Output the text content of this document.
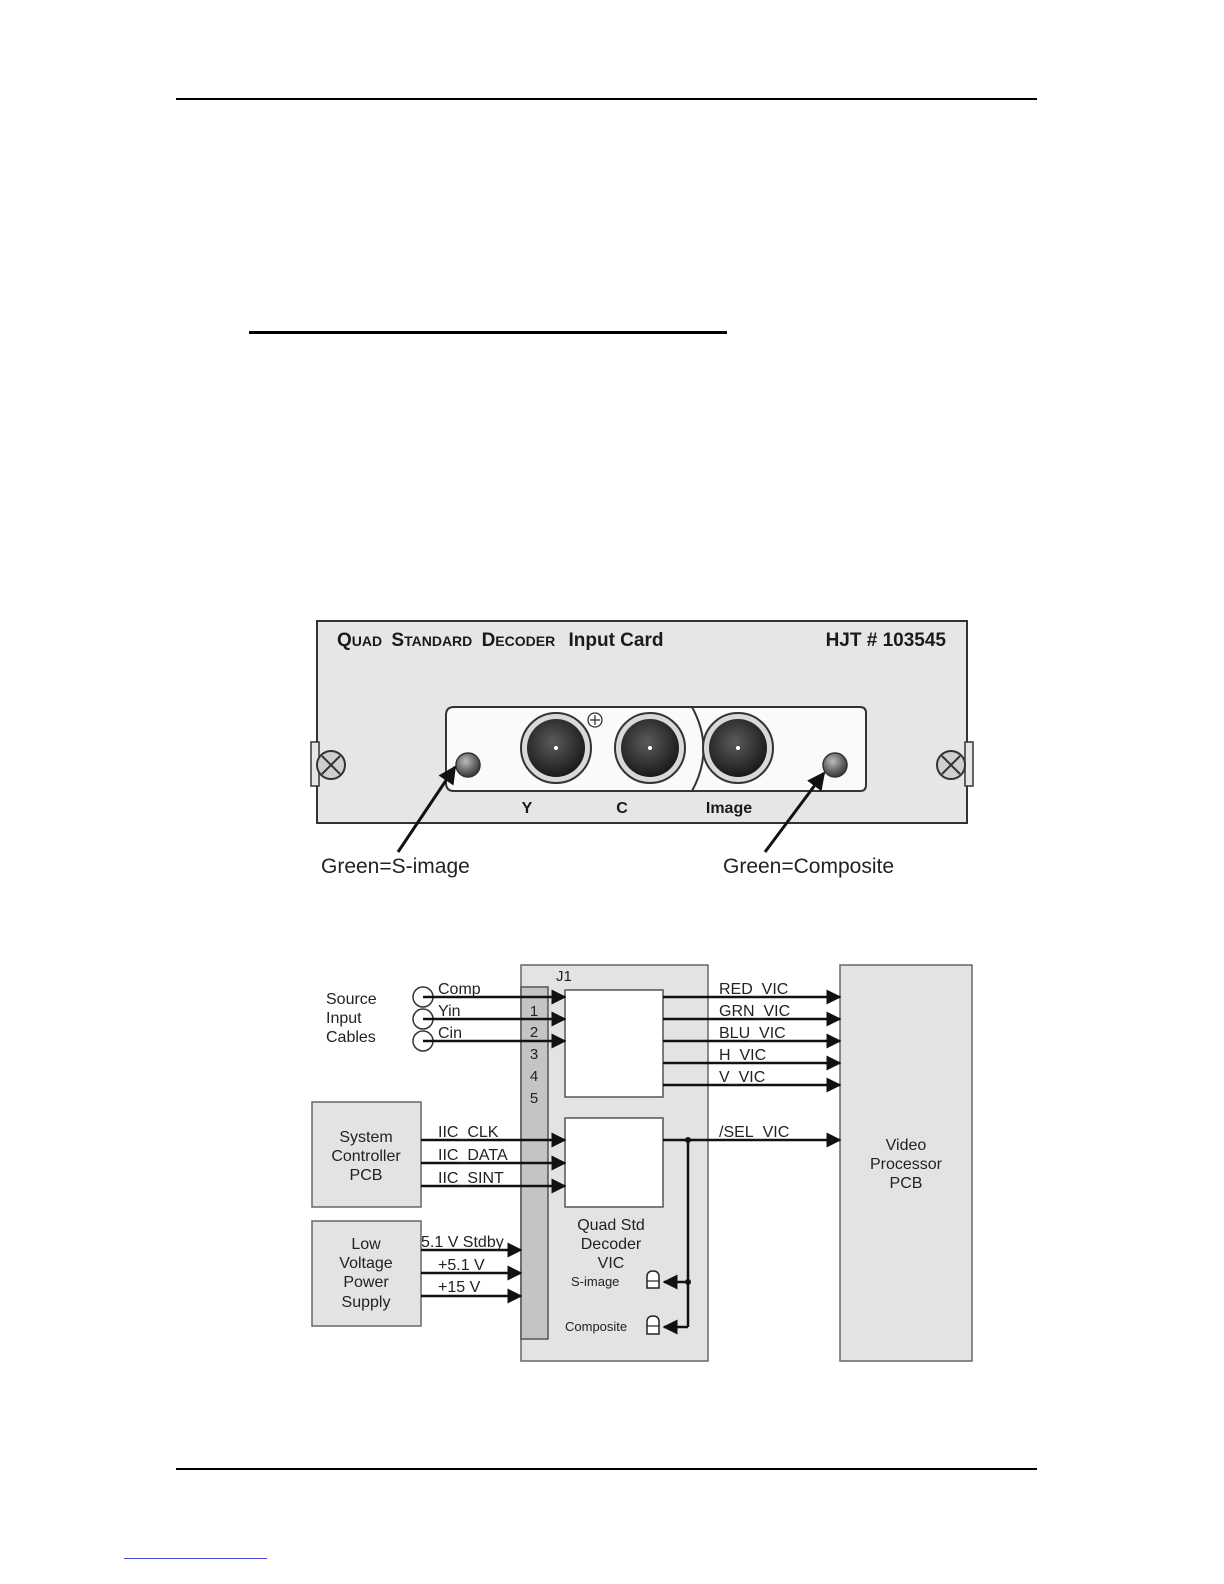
QUAD STANDARD DECODER Input Card	HJT # 103545
Y	C	Image
Green=S-image	Green=Composite
J1
1
2
3
4
5
Quad Std
Decoder
VIC
S-image
Composite
Video
Processor
PCB
System
Controller
PCB
Low
Voltage
Power
Supply
Source
Input
Cables
Comp
Yin
Cin
IIC_CLK
IIC_DATA
IIC_SINT
5.1 V Stdby
+5.1 V
+15 V
RED_VIC
GRN_VIC
BLU_VIC
H_VIC
V_VIC
/SEL_VIC
